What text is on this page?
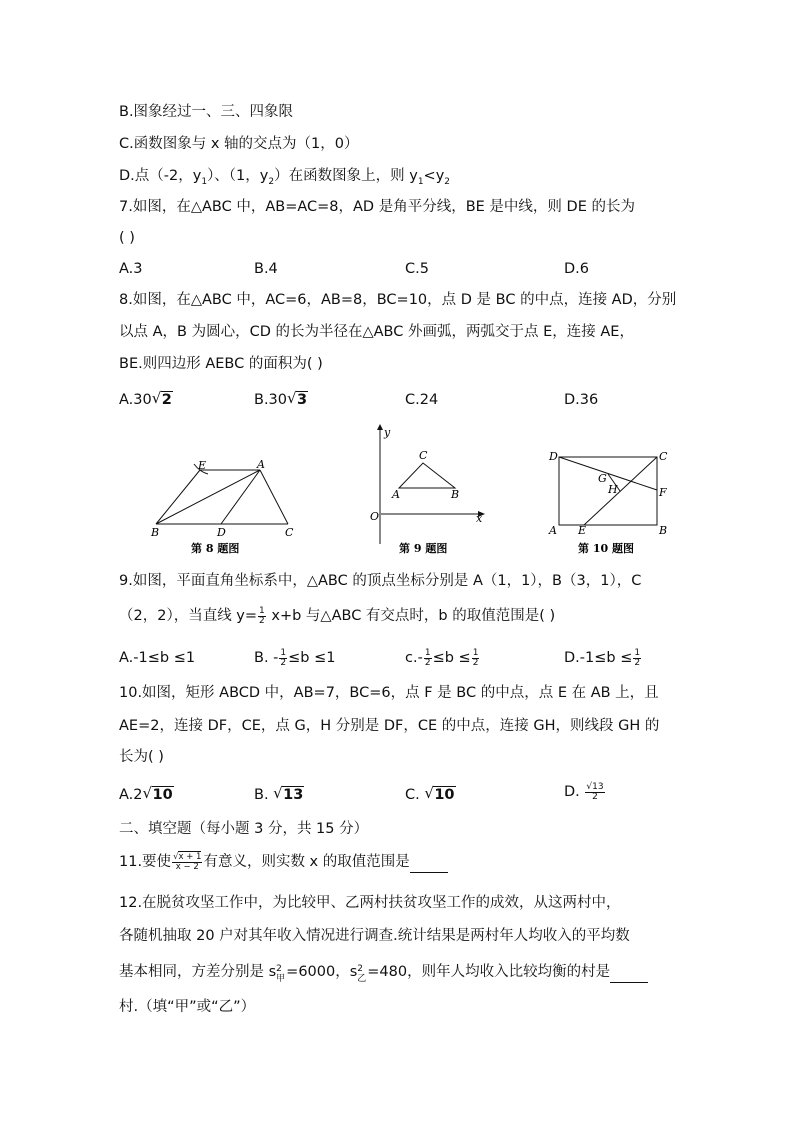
B.图象经过一、三、四象限
C.函数图象与 x 轴的交点为（1，0）
D.点（-2，$y_1$）、（1，$y_2$）在函数图象上，则 $y_1<y_2$
7.如图，在△ABC 中，AB=AC=8，AD 是角平分线，BE 是中线，则 DE 的长为
( )
A.3	B.4	C.5	D.6
8.如图，在△ABC 中，AC=6，AB=8，BC=10，点 D 是 BC 的中点，连接 AD，分别
以点 A，B 为圆心，CD 的长为半径在△ABC 外画弧，两弧交于点 E，连接 AE，
BE.则四边形 AEBC 的面积为( )
A.30 √ 2	B.30 √ 3	C.24	D.36
E	A
B	D	C
第 8 题图
y
x
O
A	B
C
第 9 题图
D	C
A E	B
G
H	F
第 10 题图
9.如图，平面直角坐标系中，△ABC 的顶点坐标分别是 A（1，1），B（3，1），C
（2，2），当直线 $y= \frac{1}{2} x+b$ 与△ABC 有交点时，b 的取值范围是( )
A.-1≤b ≤1	B. - $\frac{1}{2} \le b \le 1$	$c.- \frac{1}{2} \le b \le \frac{1}{2}$	$D.-1\le b \le \frac{1}{2}$
10.如图，矩形 ABCD 中，AB=7，BC=6，点 F 是 BC 的中点，点 E 在 AB 上，且
AE=2，连接 DF，CE，点 G，H 分别是 DF，CE 的中点，连接 GH，则线段 GH 的
长为( )
A.2 √ 10	B. √ 13	C. √ 10	D. $\frac{√13}{2}$
二、填空题（每小题 3 分，共 15 分）
11.要使 $\frac{√x + 1}{x - 2}$ 有意义，则实数 x 的取值范围是
12.在脱贫攻坚工作中，为比较甲、乙两村扶贫攻坚工作的成效，从这两村中，
各随机抽取 20 户对其年收入情况进行调查.统计结果是两村年人均收入的平均数
基本相同，方差分别是 s 2
甲 =6000，s 2
乙 =480，则年人均收入比较均衡的村是
村.（填“甲”或“乙”）
